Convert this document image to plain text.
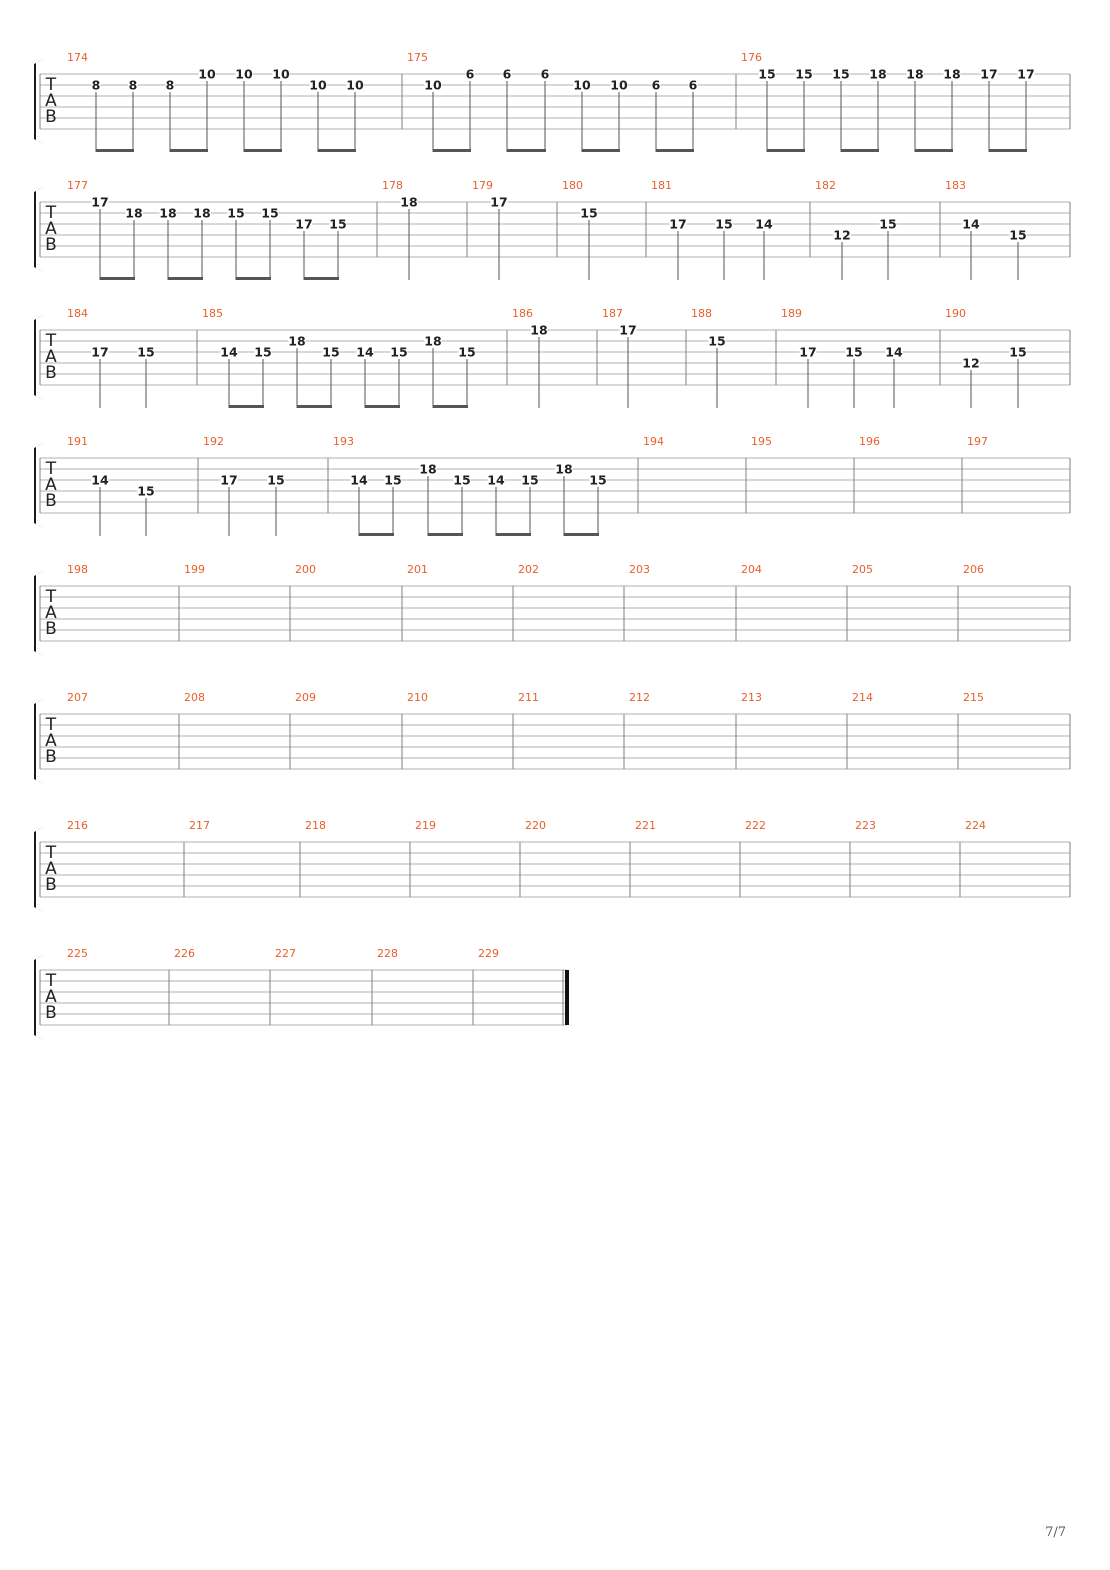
T
A
B
174
8 8 8
10 10 10
10 10
175
10
6 6 6
10 10 6 6
176
15 15 15 18 18 18 17 17
T
A
B
177
17
18 18 18 15 15
17 15
178
18
179
17
180
15
181
17 15 14
182
12
15
183
14
15
T
A
B
184
17 15
185
14 15
18
15 14 15
18
15
186
18
187
17
188
15
189
17 15 14
190
12
15
T
A
B
191
14
15
192
17 15
193
14 15
18
15 14 15
18
15
194	195	196	197
T
A
B
198	199	200	201	202	203	204	205	206
T
A
B
207	208	209	210	211	212	213	214	215
T
A
B
216	217	218	219	220	221	222	223	224
T
A
B
225	226	227	228	229
7/7
